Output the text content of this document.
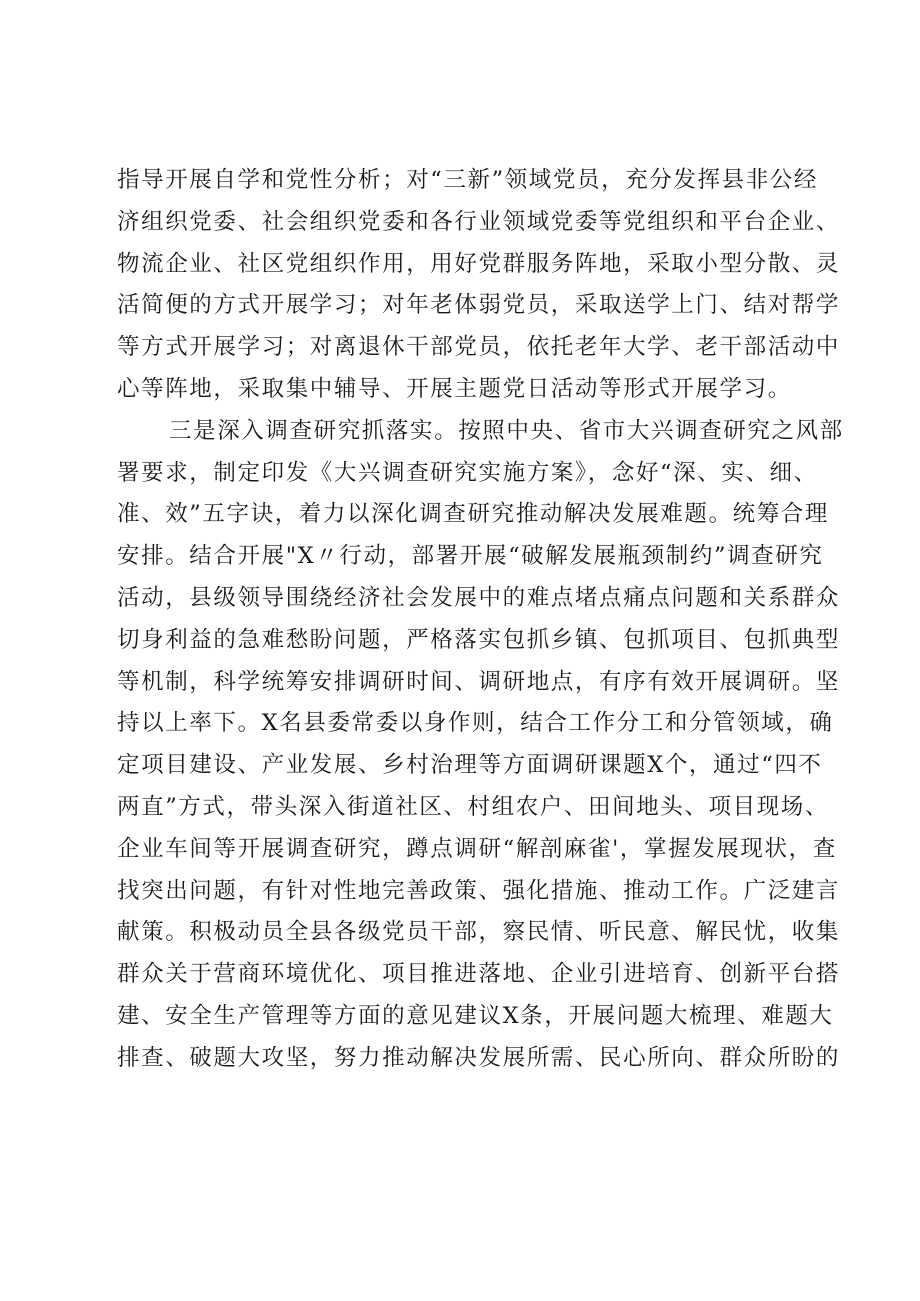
指导开展自学和党性分析；对“三新”领域党员，充分发挥县非公经
济组织党委、社会组织党委和各行业领域党委等党组织和平台企业、
物流企业、社区党组织作用，用好党群服务阵地，采取小型分散、灵
活简便的方式开展学习；对年老体弱党员，采取送学上门、结对帮学
等方式开展学习；对离退休干部党员，依托老年大学、老干部活动中
心等阵地，采取集中辅导、开展主题党日活动等形式开展学习。
三是深入调查研究抓落实。按照中央、省市大兴调查研究之风部
署要求，制定印发《大兴调查研究实施方案》，念好“深、实、细、
准、效”五字诀，着力以深化调查研究推动解决发展难题。统筹合理
安排。结合开展"X〃行动，部署开展“破解发展瓶颈制约”调查研究
活动，县级领导围绕经济社会发展中的难点堵点痛点问题和关系群众
切身利益的急难愁盼问题，严格落实包抓乡镇、包抓项目、包抓典型
等机制，科学统筹安排调研时间、调研地点，有序有效开展调研。坚
持以上率下。X名县委常委以身作则，结合工作分工和分管领域，确
定项目建设、产业发展、乡村治理等方面调研课题X个，通过“四不
两直”方式，带头深入街道社区、村组农户、田间地头、项目现场、
企业车间等开展调查研究，蹲点调研“解剖麻雀'，掌握发展现状，查
找突出问题，有针对性地完善政策、强化措施、推动工作。广泛建言
献策。积极动员全县各级党员干部，察民情、听民意、解民忧，收集
群众关于营商环境优化、项目推进落地、企业引进培育、创新平台搭
建、安全生产管理等方面的意见建议X条，开展问题大梳理、难题大
排查、破题大攻坚，努力推动解决发展所需、民心所向、群众所盼的
